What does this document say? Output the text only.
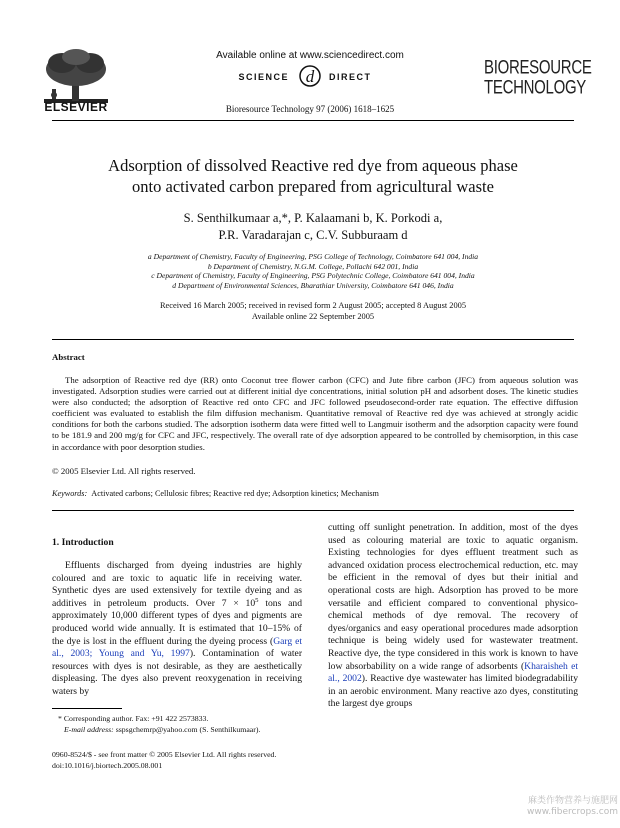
ELSEVIER
Available online at www.sciencedirect.com
SCIENCE d DIRECT
Bioresource Technology 97 (2006) 1618–1625
BIORESOURCE
TECHNOLOGY
Adsorption of dissolved Reactive red dye from aqueous phase
onto activated carbon prepared from agricultural waste
S. Senthilkumaar a,*, P. Kalaamani b, K. Porkodi a,
P.R. Varadarajan c, C.V. Subburaam d
a Department of Chemistry, Faculty of Engineering, PSG College of Technology, Coimbatore 641 004, India
b Department of Chemistry, N.G.M. College, Pollachi 642 001, India
c Department of Chemistry, Faculty of Engineering, PSG Polytechnic College, Coimbatore 641 004, India
d Department of Environmental Sciences, Bharathiar University, Coimbatore 641 046, India
Received 16 March 2005; received in revised form 2 August 2005; accepted 8 August 2005
Available online 22 September 2005
Abstract
The adsorption of Reactive red dye (RR) onto Coconut tree flower carbon (CFC) and Jute fibre carbon (JFC) from aqueous solution was investigated. Adsorption studies were carried out at different initial dye concentrations, initial solution pH and adsorbent doses. The kinetic studies were also conducted; the adsorption of Reactive red onto CFC and JFC followed pseudosecond-order rate equation. The effective diffusion coefficient was evaluated to establish the film diffusion mechanism. Quantitative removal of Reactive red dye was achieved at strongly acidic conditions for both the carbons studied. The adsorption isotherm data were fitted well to Langmuir isotherm and the adsorption capacity were found to be 181.9 and 200 mg/g for CFC and JFC, respectively. The overall rate of dye adsorption appeared to be controlled by chemisorption, in this case in accordance with poor desorption studies.
© 2005 Elsevier Ltd. All rights reserved.
Keywords: Activated carbons; Cellulosic fibres; Reactive red dye; Adsorption kinetics; Mechanism
1. Introduction
Effluents discharged from dyeing industries are highly coloured and are toxic to aquatic life in receiving water. Synthetic dyes are used extensively for textile dyeing and as additives in petroleum products. Over $7 \times 10^5$ tons and approximately 10,000 different types of dyes and pigments are produced world wide annually. It is estimated that 10–15% of the dye is lost in the effluent during the dyeing process (Garg et al., 2003; Young and Yu, 1997). Contamination of water resources with dyes is not desirable, as they are aesthetically displeasing. The dyes also prevent reoxygenation in receiving waters by
cutting off sunlight penetration. In addition, most of the dyes used as colouring material are toxic to aquatic organism. Existing technologies for dyes effluent treatment such as advanced oxidation process electrochemical reduction, etc. may be efficient in the removal of dyes but their initial and operational costs are high. Adsorption has proved to be more versatile and efficient compared to conventional physico-chemical methods of dye removal. The recovery of dyes/organics and easy operational procedures made adsorption technique is being widely used for wastewater treatment. Reactive dye, the type considered in this work is known to have low absorbability on a wide range of adsorbents (Kharaisheh et al., 2002). Reactive dye wastewater has limited biodegradability in an aerobic environment. Many reactive azo dyes, constituting the largest dye groups
* Corresponding author. Fax: +91 422 2573833.
E-mail address: sspsgchemrp@yahoo.com (S. Senthilkumaar).
0960-8524/$ - see front matter © 2005 Elsevier Ltd. All rights reserved.
doi:10.1016/j.biortech.2005.08.001
麻类作物营养与施肥网
www.fibercrops.com
